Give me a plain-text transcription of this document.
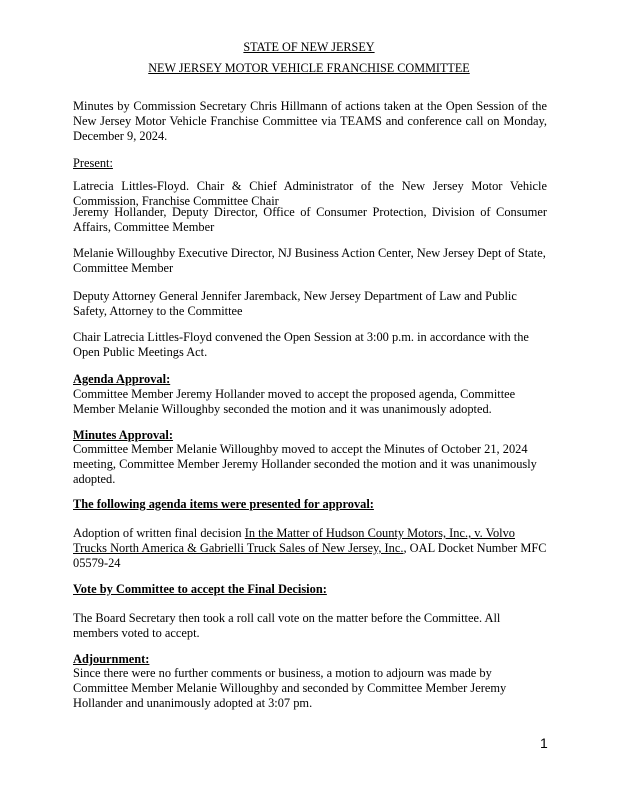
STATE OF NEW JERSEY
NEW JERSEY MOTOR VEHICLE FRANCHISE COMMITTEE

Minutes by Commission Secretary Chris Hillmann of actions taken at the Open Session of the New Jersey Motor Vehicle Franchise Committee via TEAMS and conference call on Monday, December 9, 2024.

Present:

Latrecia Littles-Floyd. Chair & Chief Administrator of the New Jersey Motor Vehicle Commission, Franchise Committee Chair

Jeremy Hollander, Deputy Director, Office of Consumer Protection, Division of Consumer Affairs, Committee Member

Melanie Willoughby Executive Director, NJ Business Action Center, New Jersey Dept of State, Committee Member

Deputy Attorney General Jennifer Jaremback, New Jersey Department of Law and Public Safety, Attorney to the Committee

Chair Latrecia Littles-Floyd convened the Open Session at 3:00 p.m. in accordance with the Open Public Meetings Act.

Agenda Approval:

Committee Member Jeremy Hollander moved to accept the proposed agenda, Committee Member Melanie Willoughby seconded the motion and it was unanimously adopted.

Minutes Approval:

Committee Member Melanie Willoughby moved to accept the Minutes of October 21, 2024 meeting, Committee Member Jeremy Hollander seconded the motion and it was unanimously adopted.

The following agenda items were presented for approval:

Adoption of written final decision In the Matter of Hudson County Motors, Inc., v. Volvo Trucks North America & Gabrielli Truck Sales of New Jersey, Inc., OAL Docket Number MFC 05579-24

Vote by Committee to accept the Final Decision:

The Board Secretary then took a roll call vote on the matter before the Committee. All members voted to accept.

Adjournment:

Since there were no further comments or business, a motion to adjourn was made by Committee Member Melanie Willoughby and seconded by Committee Member Jeremy Hollander and unanimously adopted at 3:07 pm.

1
